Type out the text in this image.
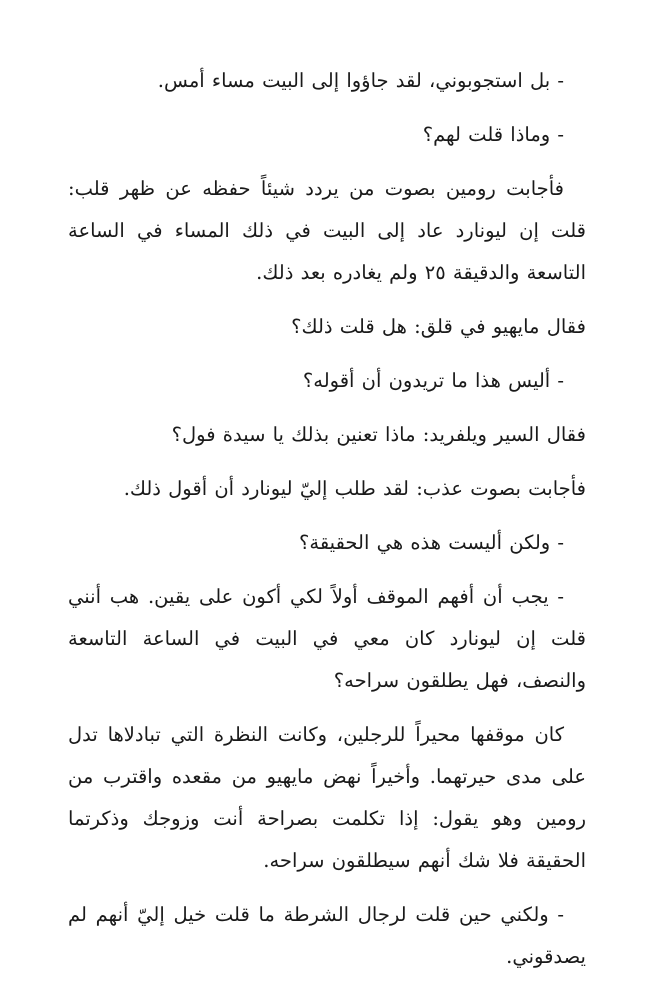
- بل استجوبوني، لقد جاؤوا إلى البيت مساء أمس.

- وماذا قلت لهم؟

فأجابت رومين بصوت من يردد شيئاً حفظه عن ظهر قلب: قلت إن ليونارد عاد إلى البيت في ذلك المساء في الساعة التاسعة والدقيقة ٢٥ ولم يغادره بعد ذلك.

فقال مايهيو في قلق: هل قلت ذلك؟

- أليس هذا ما تريدون أن أقوله؟

فقال السير ويلفريد: ماذا تعنين بذلك يا سيدة فول؟

فأجابت بصوت عذب: لقد طلب إليّ ليونارد أن أقول ذلك.

- ولكن أليست هذه هي الحقيقة؟

- يجب أن أفهم الموقف أولاً لكي أكون على يقين. هب أنني قلت إن ليونارد كان معي في البيت في الساعة التاسعة والنصف، فهل يطلقون سراحه؟

كان موقفها محيراً للرجلين، وكانت النظرة التي تبادلاها تدل على مدى حيرتهما. وأخيراً نهض مايهيو من مقعده واقترب من رومين وهو يقول: إذا تكلمت بصراحة أنت وزوجك وذكرتما الحقيقة فلا شك أنهم سيطلقون سراحه.

- ولكني حين قلت لرجال الشرطة ما قلت خيل إليّ أنهم لم يصدقوني.
